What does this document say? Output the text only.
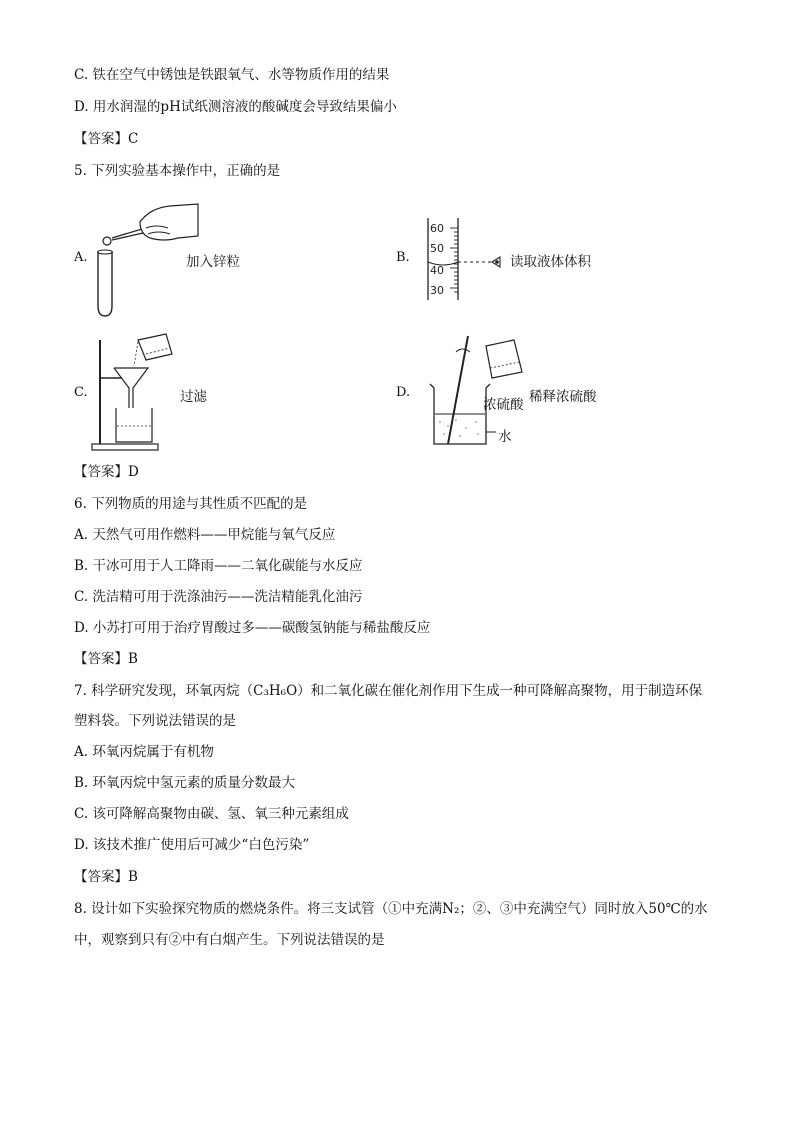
C. 铁在空气中锈蚀是铁跟氧气、水等物质作用的结果
D. 用水润湿的pH试纸测溶液的酸碱度会导致结果偏小
【答案】C
5. 下列实验基本操作中，正确的是
A.	加入锌粒	B.
60
50
40
30
读取液体体积
C.	过滤	D.
浓硫酸 稀释浓硫酸
水
【答案】D
6. 下列物质的用途与其性质不匹配的是
A. 天然气可用作燃料——甲烷能与氧气反应
B. 干冰可用于人工降雨——二氧化碳能与水反应
C. 洗洁精可用于洗涤油污——洗洁精能乳化油污
D. 小苏打可用于治疗胃酸过多——碳酸氢钠能与稀盐酸反应
【答案】B
7. 科学研究发现，环氧丙烷（C₃H₆O）和二氧化碳在催化剂作用下生成一种可降解高聚物，用于制造环保
塑料袋。下列说法错误的是
A. 环氧丙烷属于有机物
B. 环氧丙烷中氢元素的质量分数最大
C. 该可降解高聚物由碳、氢、氧三种元素组成
D. 该技术推广使用后可减少“白色污染”
【答案】B
8. 设计如下实验探究物质的燃烧条件。将三支试管（①中充满N₂；②、③中充满空气）同时放入50℃的水
中，观察到只有②中有白烟产生。下列说法错误的是
